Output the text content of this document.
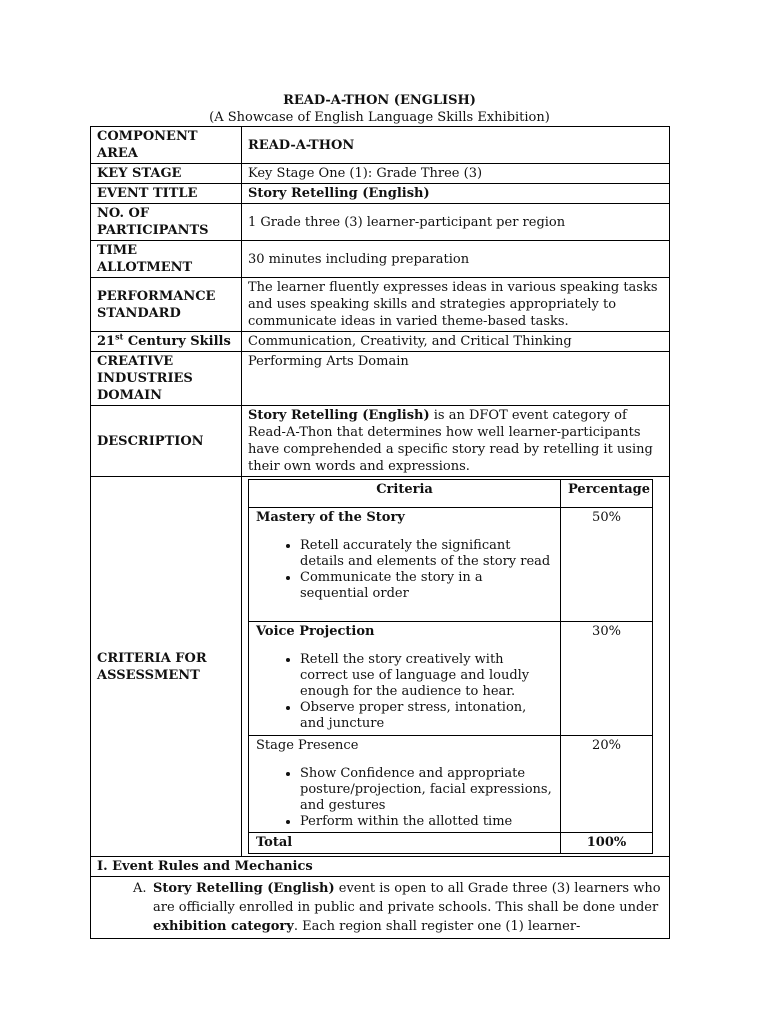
READ-A-THON (ENGLISH)
(A Showcase of English Language Skills Exhibition)
COMPONENT AREA	READ-A-THON
KEY STAGE	Key Stage One (1): Grade Three (3)
EVENT TITLE	Story Retelling (English)
NO. OF PARTICIPANTS	1 Grade three (3) learner-participant per region
TIME ALLOTMENT	30 minutes including preparation
PERFORMANCE STANDARD	The learner fluently expresses ideas in various speaking tasks and uses speaking skills and strategies appropriately to communicate ideas in varied theme-based tasks.
21st Century Skills	Communication, Creativity, and Critical Thinking
CREATIVE INDUSTRIES DOMAIN	Performing Arts Domain
DESCRIPTION	Story Retelling (English) is an DFOT event category of Read-A-Thon that determines how well learner-participants have comprehended a specific story read by retelling it using their own words and expressions.
CRITERIA FOR ASSESSMENT	
Criteria	Percentage

Mastery of the Story
• Retell accurately the significant details and elements of the story read
• Communicate the story in a sequential order
	50%

Voice Projection
• Retell the story creatively with correct use of language and loudly enough for the audience to hear.
• Observe proper stress, intonation, and juncture
	30%

Stage Presence
• Show Confidence and appropriate posture/projection, facial expressions, and gestures
• Perform within the allotted time
	20%
Total	100%

I. Event Rules and Mechanics

A. Story Retelling (English) event is open to all Grade three (3) learners who are officially enrolled in public and private schools. This shall be done under exhibition category. Each region shall register one (1) learner-
